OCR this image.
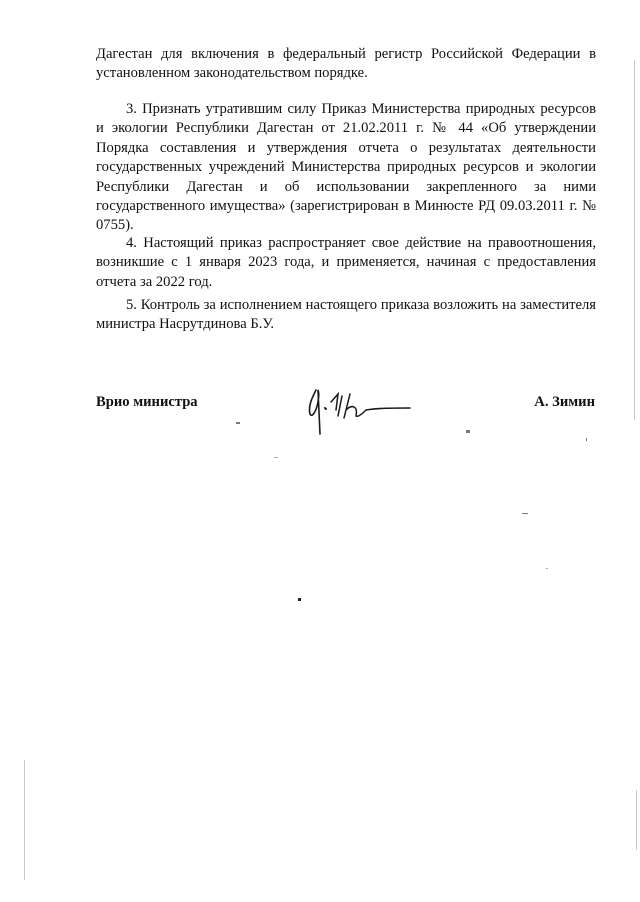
Дагестан для включения в федеральный регистр Российской Федерации в установленном законодательством порядке.

3. Признать утратившим силу Приказ Министерства природных ресурсов и экологии Республики Дагестан от 21.02.2011 г. № 44 «Об утверждении Порядка составления и утверждения отчета о результатах деятельности государственных учреждений Министерства природных ресурсов и экологии Республики Дагестан и об использовании закрепленного за ними государственного имущества» (зарегистрирован в Минюсте РД 09.03.2011 г. № 0755).

4. Настоящий приказ распространяет свое действие на правоотношения, возникшие с 1 января 2023 года, и применяется, начиная с предоставления отчета за 2022 год.

5. Контроль за исполнением настоящего приказа возложить на заместителя министра Насрутдинова Б.У.

Врио министра	А. Зимин
